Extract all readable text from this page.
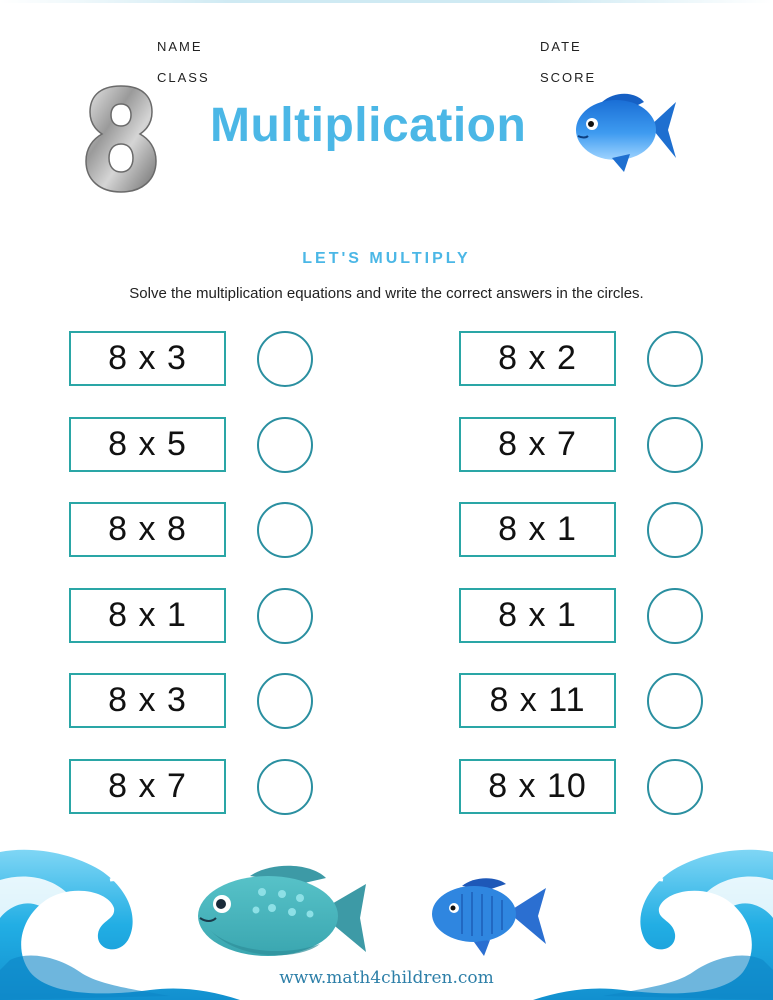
NAME
CLASS
DATE
SCORE
Multiplication
LET'S MULTIPLY
Solve the multiplication equations and write the correct answers in the circles.
8 x 3
8 x 5
8 x 8
8 x 1
8 x 3
8 x 7
8 x 2
8 x 7
8 x 1
8 x 1
8 x 11
8 x 10
www.math4children.com
